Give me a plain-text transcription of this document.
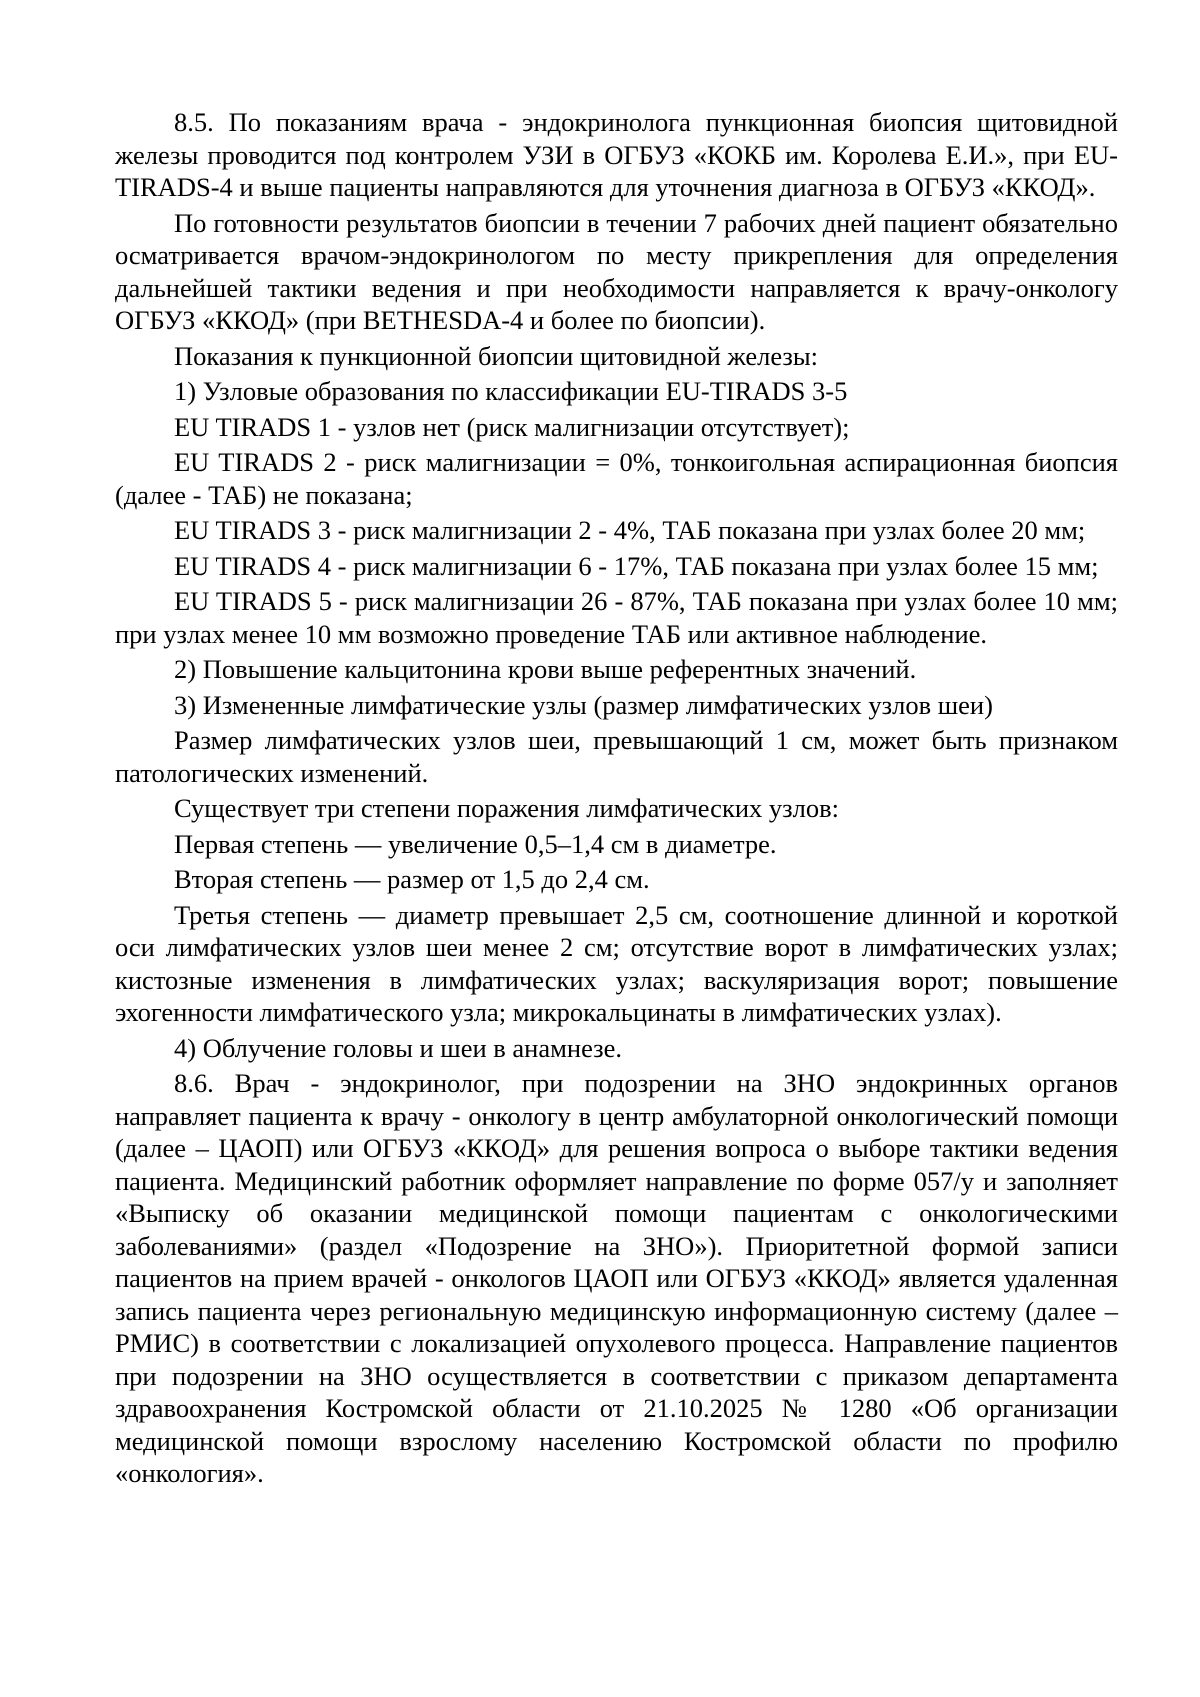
8.5. По показаниям врача - эндокринолога пункционная биопсия щитовидной железы проводится под контролем УЗИ в ОГБУЗ «КОКБ им. Королева Е.И.», при EU-TIRADS-4 и выше пациенты направляются для уточнения диагноза в ОГБУЗ «ККОД».

По готовности результатов биопсии в течении 7 рабочих дней пациент обязательно осматривается врачом-эндокринологом по месту прикрепления для определения дальнейшей тактики ведения и при необходимости направляется к врачу-онкологу ОГБУЗ «ККОД» (при BETHESDA-4 и более по биопсии).

Показания к пункционной биопсии щитовидной железы:

1) Узловые образования по классификации EU-TIRADS 3-5

EU TIRADS 1 - узлов нет (риск малигнизации отсутствует);

EU TIRADS 2 - риск малигнизации = 0%, тонкоигольная аспирационная биопсия (далее - ТАБ) не показана;

EU TIRADS 3 - риск малигнизации 2 - 4%, ТАБ показана при узлах более 20 мм;

EU TIRADS 4 - риск малигнизации 6 - 17%, ТАБ показана при узлах более 15 мм;

EU TIRADS 5 - риск малигнизации 26 - 87%, ТАБ показана при узлах более 10 мм; при узлах менее 10 мм возможно проведение ТАБ или активное наблюдение.

2) Повышение кальцитонина крови выше референтных значений.

3) Измененные лимфатические узлы (размер лимфатических узлов шеи)

Размер лимфатических узлов шеи, превышающий 1 см, может быть признаком патологических изменений.

Существует три степени поражения лимфатических узлов:

Первая степень — увеличение 0,5–1,4 см в диаметре.

Вторая степень — размер от 1,5 до 2,4 см.

Третья степень — диаметр превышает 2,5 см, соотношение длинной и короткой оси лимфатических узлов шеи менее 2 см; отсутствие ворот в лимфатических узлах; кистозные изменения в лимфатических узлах; васкуляризация ворот; повышение эхогенности лимфатического узла; микрокальцинаты в лимфатических узлах).

4) Облучение головы и шеи в анамнезе.

8.6. Врач - эндокринолог, при подозрении на ЗНО эндокринных органов направляет пациента к врачу - онкологу в центр амбулаторной онкологический помощи (далее – ЦАОП) или ОГБУЗ «ККОД» для решения вопроса о выборе тактики ведения пациента. Медицинский работник оформляет направление по форме 057/у и заполняет «Выписку об оказании медицинской помощи пациентам с онкологическими заболеваниями» (раздел «Подозрение на ЗНО»). Приоритетной формой записи пациентов на прием врачей - онкологов ЦАОП или ОГБУЗ «ККОД» является удаленная запись пациента через региональную медицинскую информационную систему (далее – РМИС) в соответствии с локализацией опухолевого процесса. Направление пациентов при подозрении на ЗНО осуществляется в соответствии с приказом департамента здравоохранения Костромской области от 21.10.2025 № 1280 «Об организации медицинской помощи взрослому населению Костромской области по профилю «онкология».
